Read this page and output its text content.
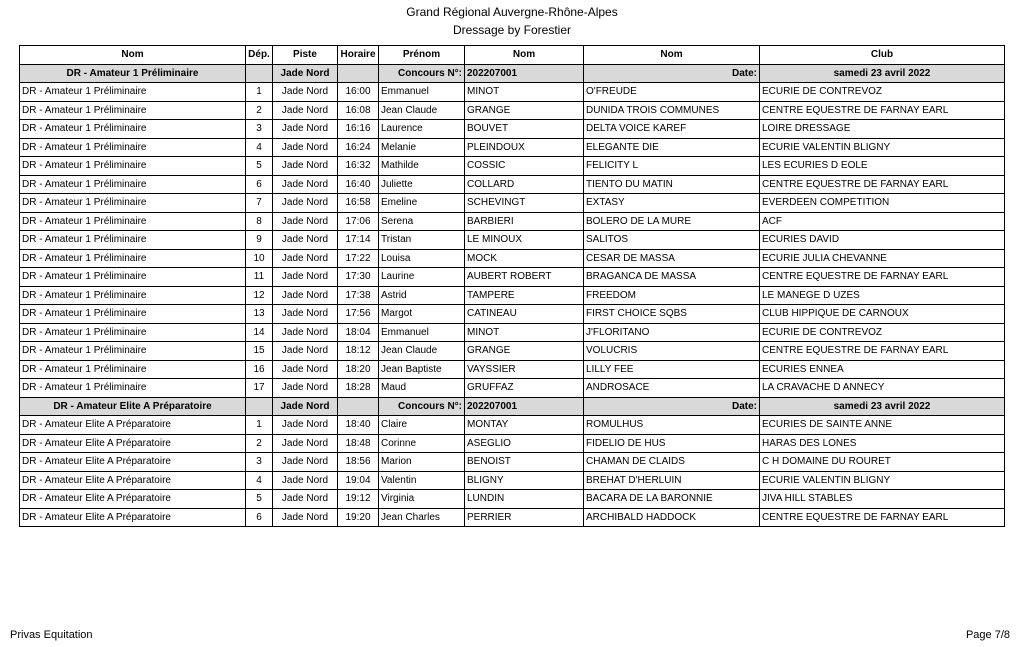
Grand Régional Auvergne-Rhône-Alpes
Dressage by Forestier
Nom	Dép.	Piste	Horaire	Prénom	Nom	Nom	Club
DR - Amateur 1 Préliminaire		Jade Nord		Concours N°:	202207001	Date:	samedi 23 avril 2022
DR - Amateur 1 Préliminaire	1	Jade Nord	16:00	Emmanuel	MINOT	O'FREUDE	ECURIE DE CONTREVOZ
DR - Amateur 1 Préliminaire	2	Jade Nord	16:08	Jean Claude	GRANGE	DUNIDA TROIS COMMUNES	CENTRE EQUESTRE DE FARNAY EARL
DR - Amateur 1 Préliminaire	3	Jade Nord	16:16	Laurence	BOUVET	DELTA VOICE KAREF	LOIRE DRESSAGE
DR - Amateur 1 Préliminaire	4	Jade Nord	16:24	Melanie	PLEINDOUX	ELEGANTE DIE	ECURIE VALENTIN BLIGNY
DR - Amateur 1 Préliminaire	5	Jade Nord	16:32	Mathilde	COSSIC	FELICITY L	LES ECURIES D EOLE
DR - Amateur 1 Préliminaire	6	Jade Nord	16:40	Juliette	COLLARD	TIENTO DU MATIN	CENTRE EQUESTRE DE FARNAY EARL
DR - Amateur 1 Préliminaire	7	Jade Nord	16:58	Emeline	SCHEVINGT	EXTASY	EVERDEEN COMPETITION
DR - Amateur 1 Préliminaire	8	Jade Nord	17:06	Serena	BARBIERI	BOLERO DE LA MURE	ACF
DR - Amateur 1 Préliminaire	9	Jade Nord	17:14	Tristan	LE MINOUX	SALITOS	ECURIES DAVID
DR - Amateur 1 Préliminaire	10	Jade Nord	17:22	Louisa	MOCK	CESAR DE MASSA	ECURIE JULIA CHEVANNE
DR - Amateur 1 Préliminaire	11	Jade Nord	17:30	Laurine	AUBERT ROBERT	BRAGANCA DE MASSA	CENTRE EQUESTRE DE FARNAY EARL
DR - Amateur 1 Préliminaire	12	Jade Nord	17:38	Astrid	TAMPERE	FREEDOM	LE MANEGE D UZES
DR - Amateur 1 Préliminaire	13	Jade Nord	17:56	Margot	CATINEAU	FIRST CHOICE SQBS	CLUB HIPPIQUE DE CARNOUX
DR - Amateur 1 Préliminaire	14	Jade Nord	18:04	Emmanuel	MINOT	J'FLORITANO	ECURIE DE CONTREVOZ
DR - Amateur 1 Préliminaire	15	Jade Nord	18:12	Jean Claude	GRANGE	VOLUCRIS	CENTRE EQUESTRE DE FARNAY EARL
DR - Amateur 1 Préliminaire	16	Jade Nord	18:20	Jean Baptiste	VAYSSIER	LILLY FEE	ECURIES ENNEA
DR - Amateur 1 Préliminaire	17	Jade Nord	18:28	Maud	GRUFFAZ	ANDROSACE	LA CRAVACHE D ANNECY
DR - Amateur Elite A Préparatoire		Jade Nord		Concours N°:	202207001	Date:	samedi 23 avril 2022
DR - Amateur Elite A Préparatoire	1	Jade Nord	18:40	Claire	MONTAY	ROMULHUS	ECURIES DE SAINTE ANNE
DR - Amateur Elite A Préparatoire	2	Jade Nord	18:48	Corinne	ASEGLIO	FIDELIO DE HUS	HARAS DES LONES
DR - Amateur Elite A Préparatoire	3	Jade Nord	18:56	Marion	BENOIST	CHAMAN DE CLAIDS	C H DOMAINE DU ROURET
DR - Amateur Elite A Préparatoire	4	Jade Nord	19:04	Valentin	BLIGNY	BREHAT D'HERLUIN	ECURIE VALENTIN BLIGNY
DR - Amateur Elite A Préparatoire	5	Jade Nord	19:12	Virginia	LUNDIN	BACARA DE LA BARONNIE	JIVA HILL STABLES
DR - Amateur Elite A Préparatoire	6	Jade Nord	19:20	Jean Charles	PERRIER	ARCHIBALD HADDOCK	CENTRE EQUESTRE DE FARNAY EARL
Privas Equitation	Page 7/8
